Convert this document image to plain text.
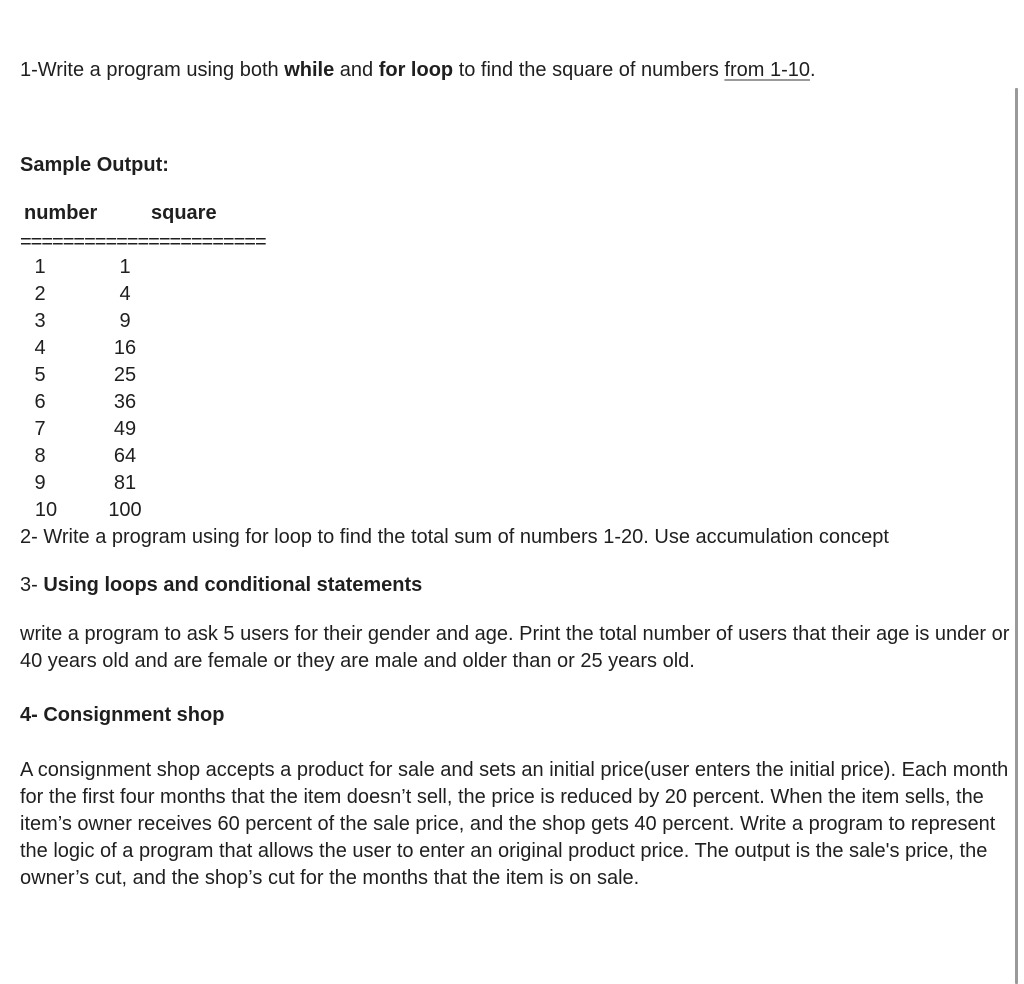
1-Write a program using both while and for loop to find the square of numbers from 1-10.
Sample Output:
number	square
=======================
1	1
2	4
3	9
4	16
5	25
6	36
7	49
8	64
9	81
10	100
2- Write a program using for loop to find the total sum of numbers 1-20. Use accumulation concept
3- Using loops and conditional statements
write a program to ask 5 users for their gender and age. Print the total number of users that their age is under or 40 years old and are female or they are male and older than or 25 years old.
4- Consignment shop
A consignment shop accepts a product for sale and sets an initial price(user enters the initial price). Each month for the first four months that the item doesn’t sell, the price is reduced by 20 percent. When the item sells, the item’s owner receives 60 percent of the sale price, and the shop gets 40 percent. Write a program to represent the logic of a program that allows the user to enter an original product price. The output is the sale's price, the owner’s cut, and the shop’s cut for the months that the item is on sale.
